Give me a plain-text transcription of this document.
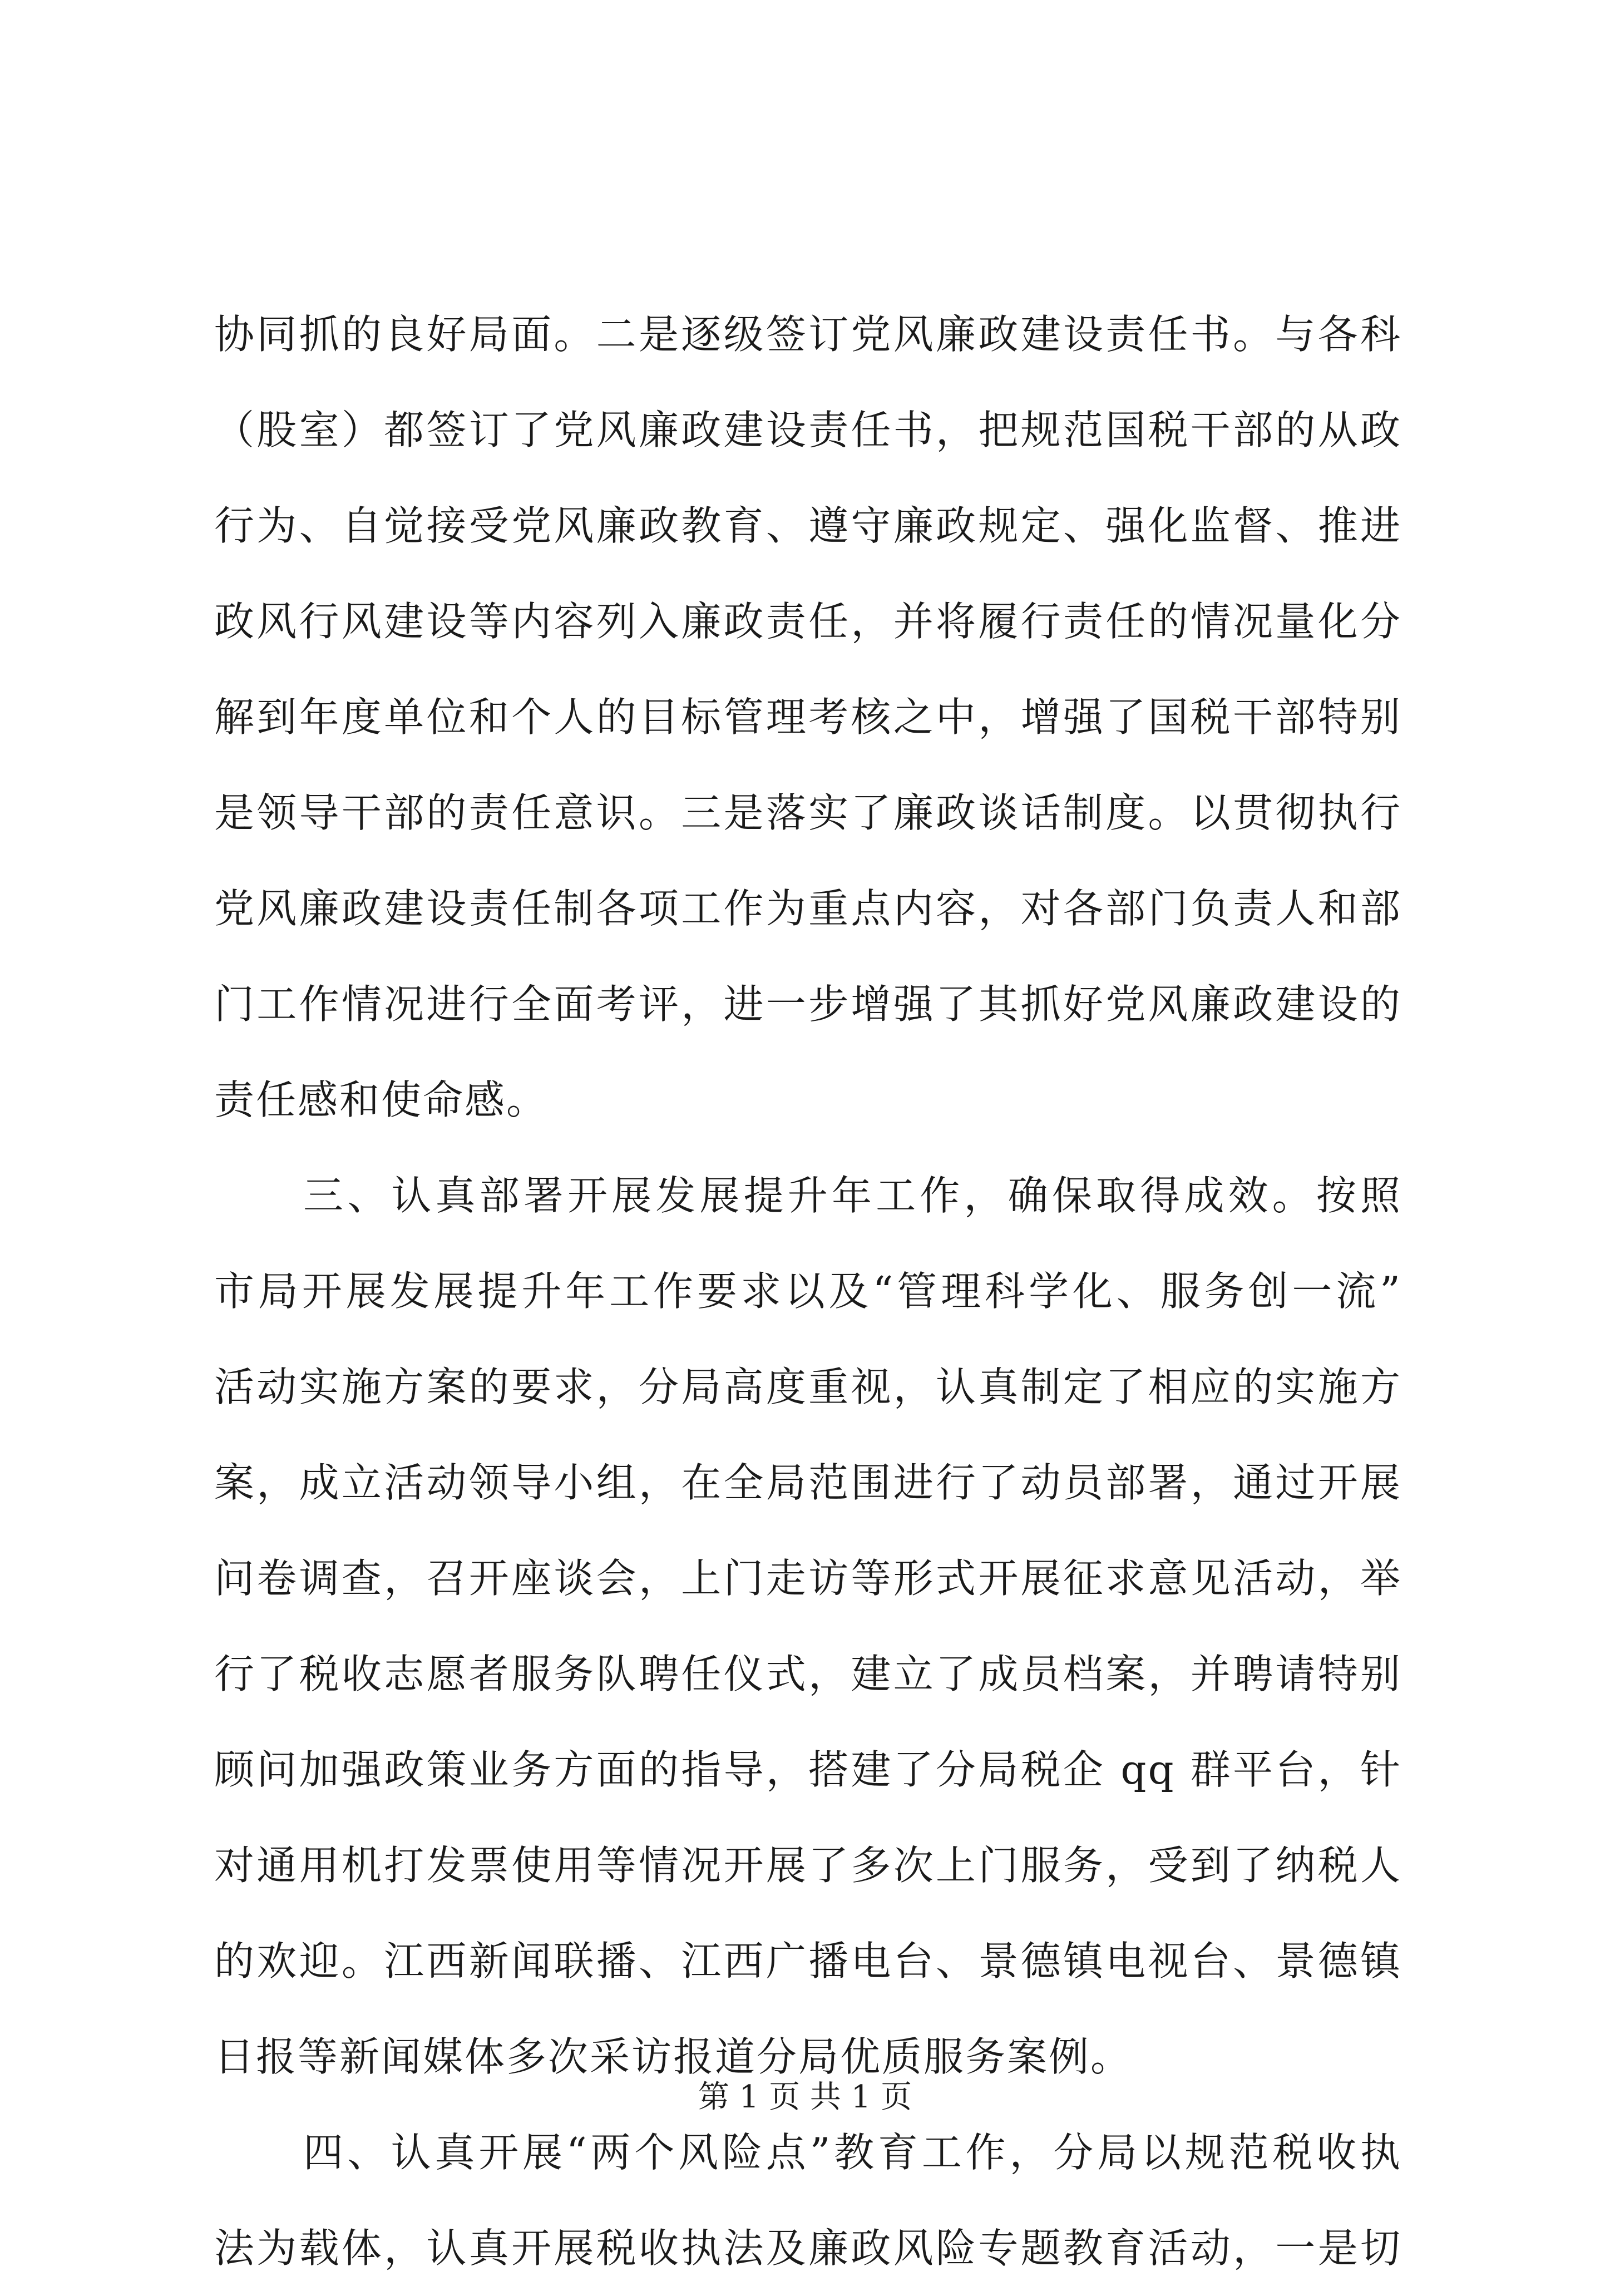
协同抓的良好局面。二是逐级签订党风廉政建设责任书。与各科
（股室）都签订了党风廉政建设责任书，把规范国税干部的从政
行为、自觉接受党风廉政教育、遵守廉政规定、强化监督、推进
政风行风建设等内容列入廉政责任，并将履行责任的情况量化分
解到年度单位和个人的目标管理考核之中，增强了国税干部特别
是领导干部的责任意识。三是落实了廉政谈话制度。以贯彻执行
党风廉政建设责任制各项工作为重点内容，对各部门负责人和部
门工作情况进行全面考评，进一步增强了其抓好党风廉政建设的
责任感和使命感。
三、认真部署开展发展提升年工作，确保取得成效。按照
市局开展发展提升年工作要求以及“管理科学化、服务创一流”
活动实施方案的要求，分局高度重视，认真制定了相应的实施方
案，成立活动领导小组，在全局范围进行了动员部署，通过开展
问卷调查，召开座谈会，上门走访等形式开展征求意见活动，举
行了税收志愿者服务队聘任仪式，建立了成员档案，并聘请特别
顾问加强政策业务方面的指导，搭建了分局税企 qq 群平台，针
对通用机打发票使用等情况开展了多次上门服务，受到了纳税人
的欢迎。江西新闻联播、江西广播电台、景德镇电视台、景德镇
日报等新闻媒体多次采访报道分局优质服务案例。
四、认真开展“两个风险点”教育工作，分局以规范税收执
法为载体，认真开展税收执法及廉政风险专题教育活动，一是切
第 1 页 共 1 页
